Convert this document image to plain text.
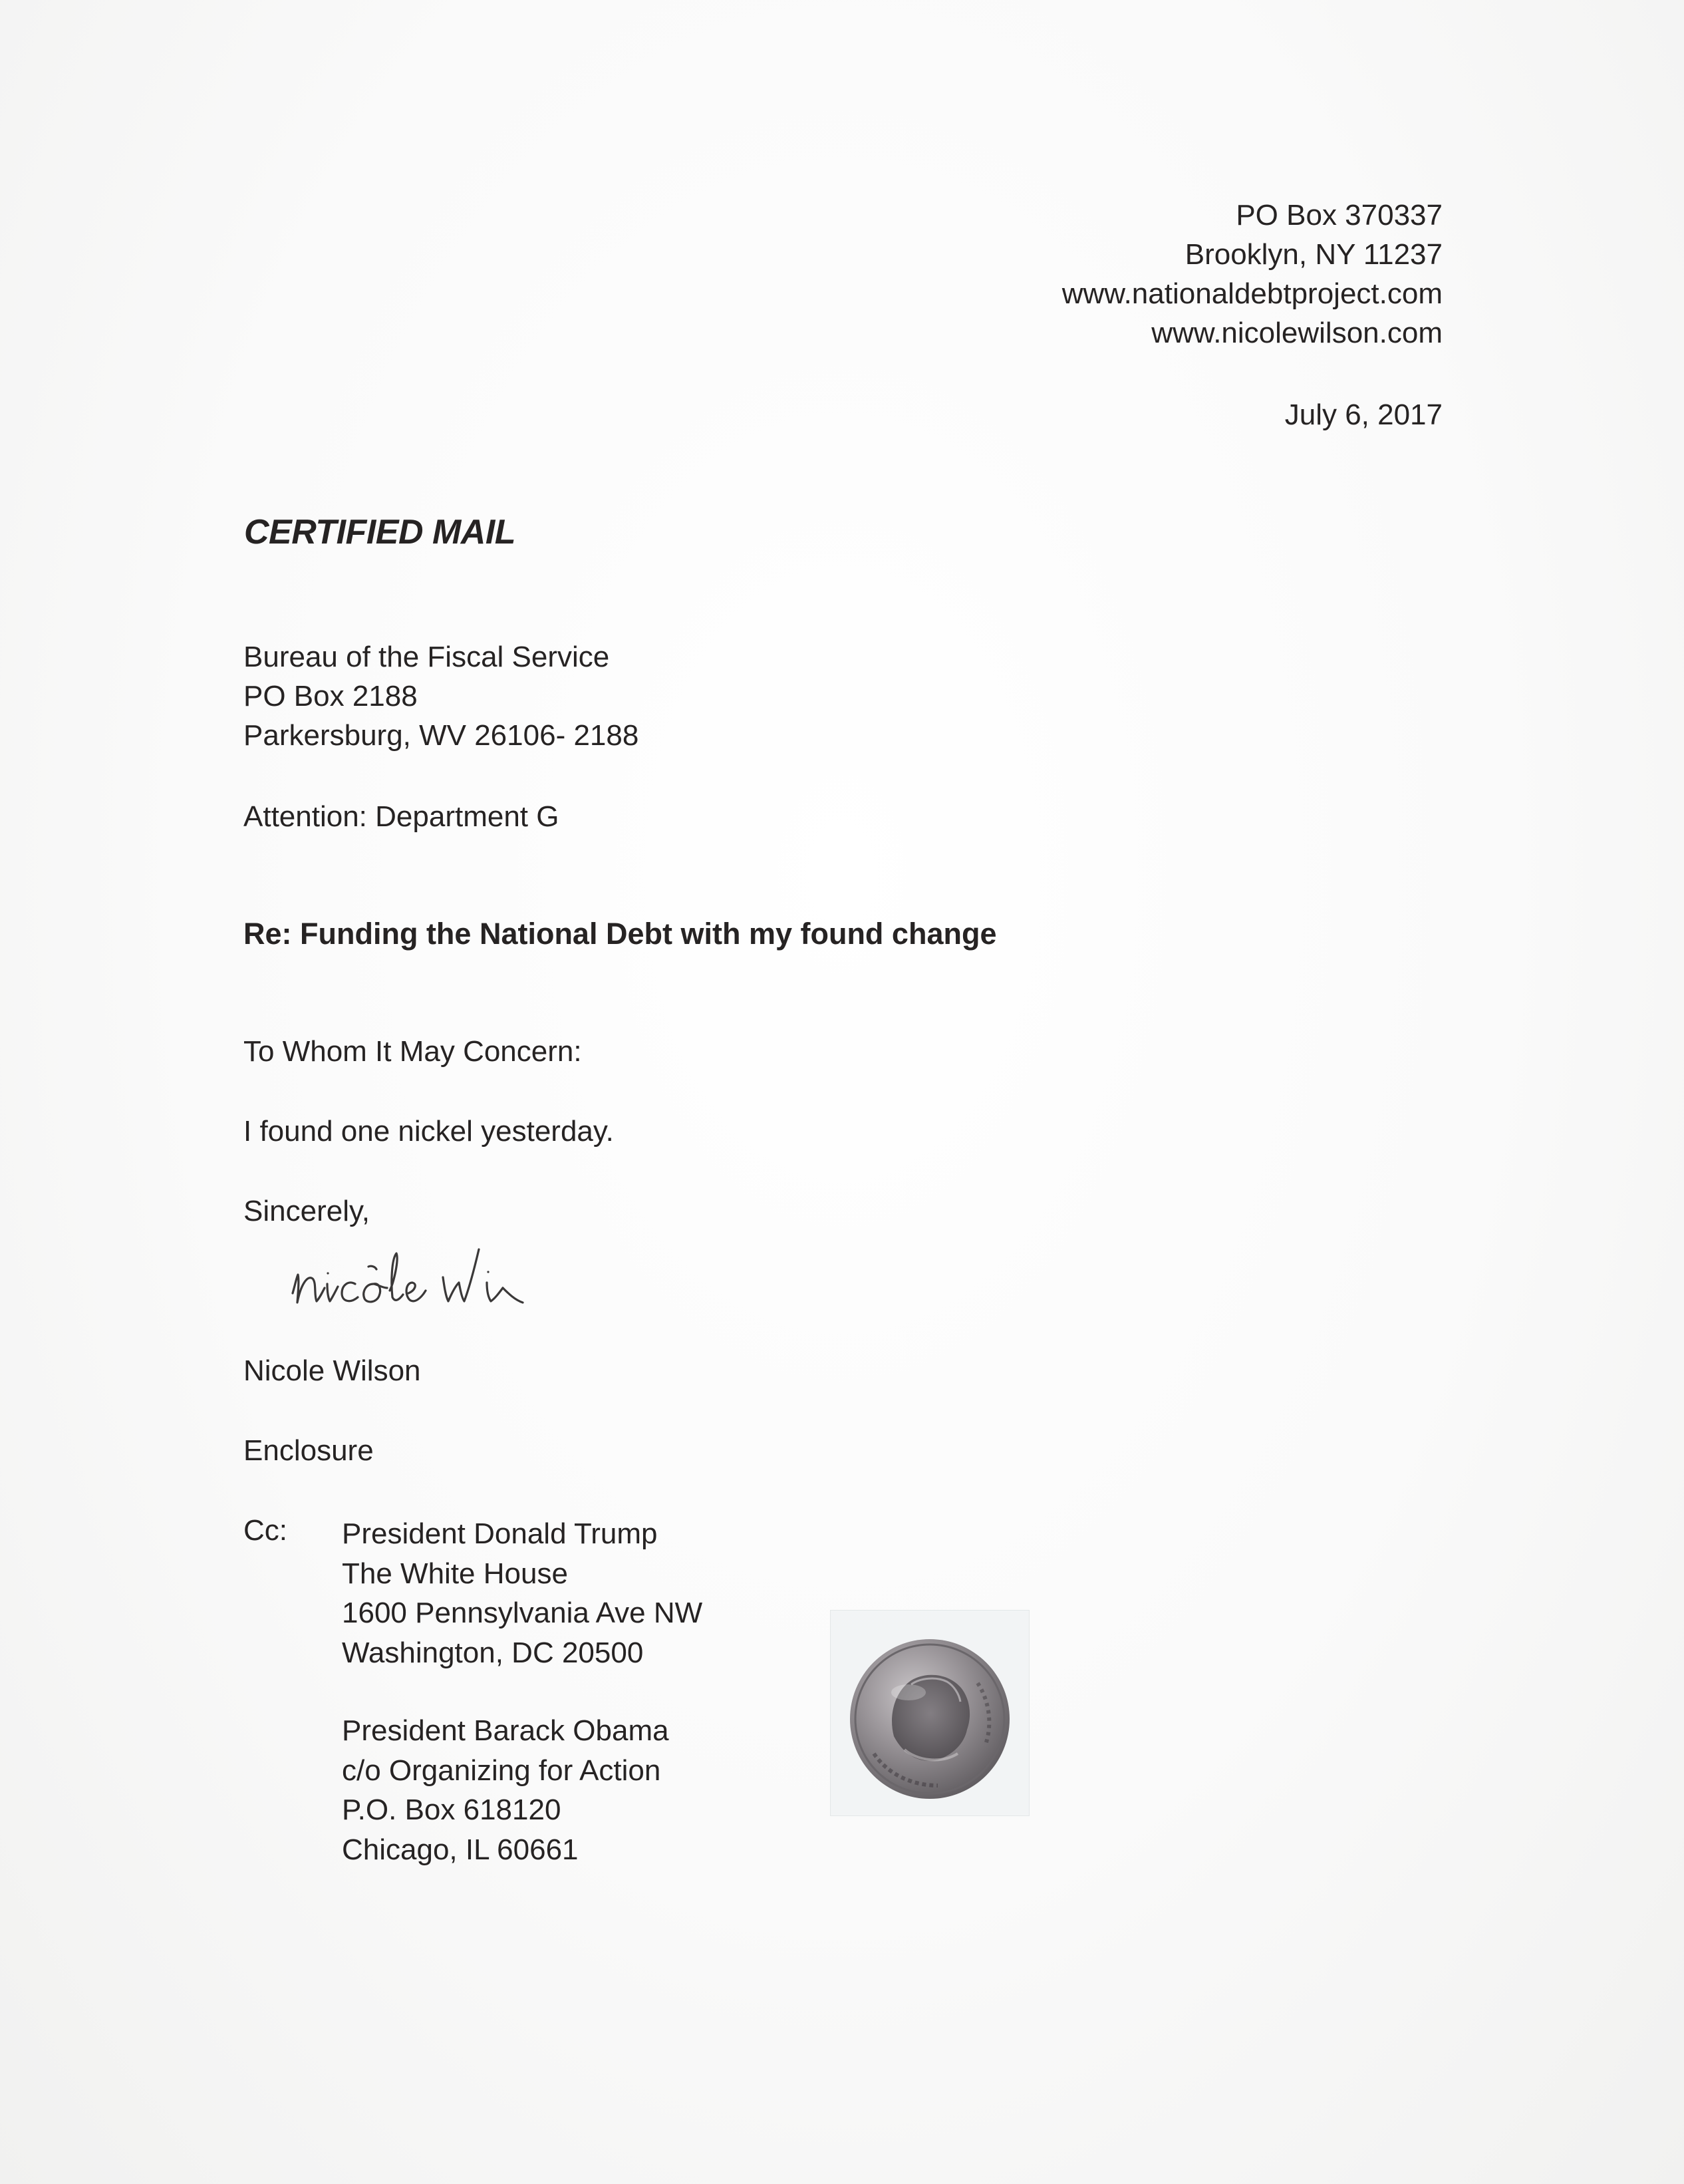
PO Box 370337
Brooklyn, NY 11237
www.nationaldebtproject.com
www.nicolewilson.com
July 6, 2017
CERTIFIED MAIL
Bureau of the Fiscal Service
PO Box 2188
Parkersburg, WV 26106- 2188
Attention: Department G
Re: Funding the National Debt with my found change
To Whom It May Concern:
I found one nickel yesterday.
Sincerely,
Nicole Wilson
Enclosure
Cc: President Donald Trump
The White House
1600 Pennsylvania Ave NW
Washington, DC 20500
President Barack Obama
c/o Organizing for Action
P.O. Box 618120
Chicago, IL 60661
